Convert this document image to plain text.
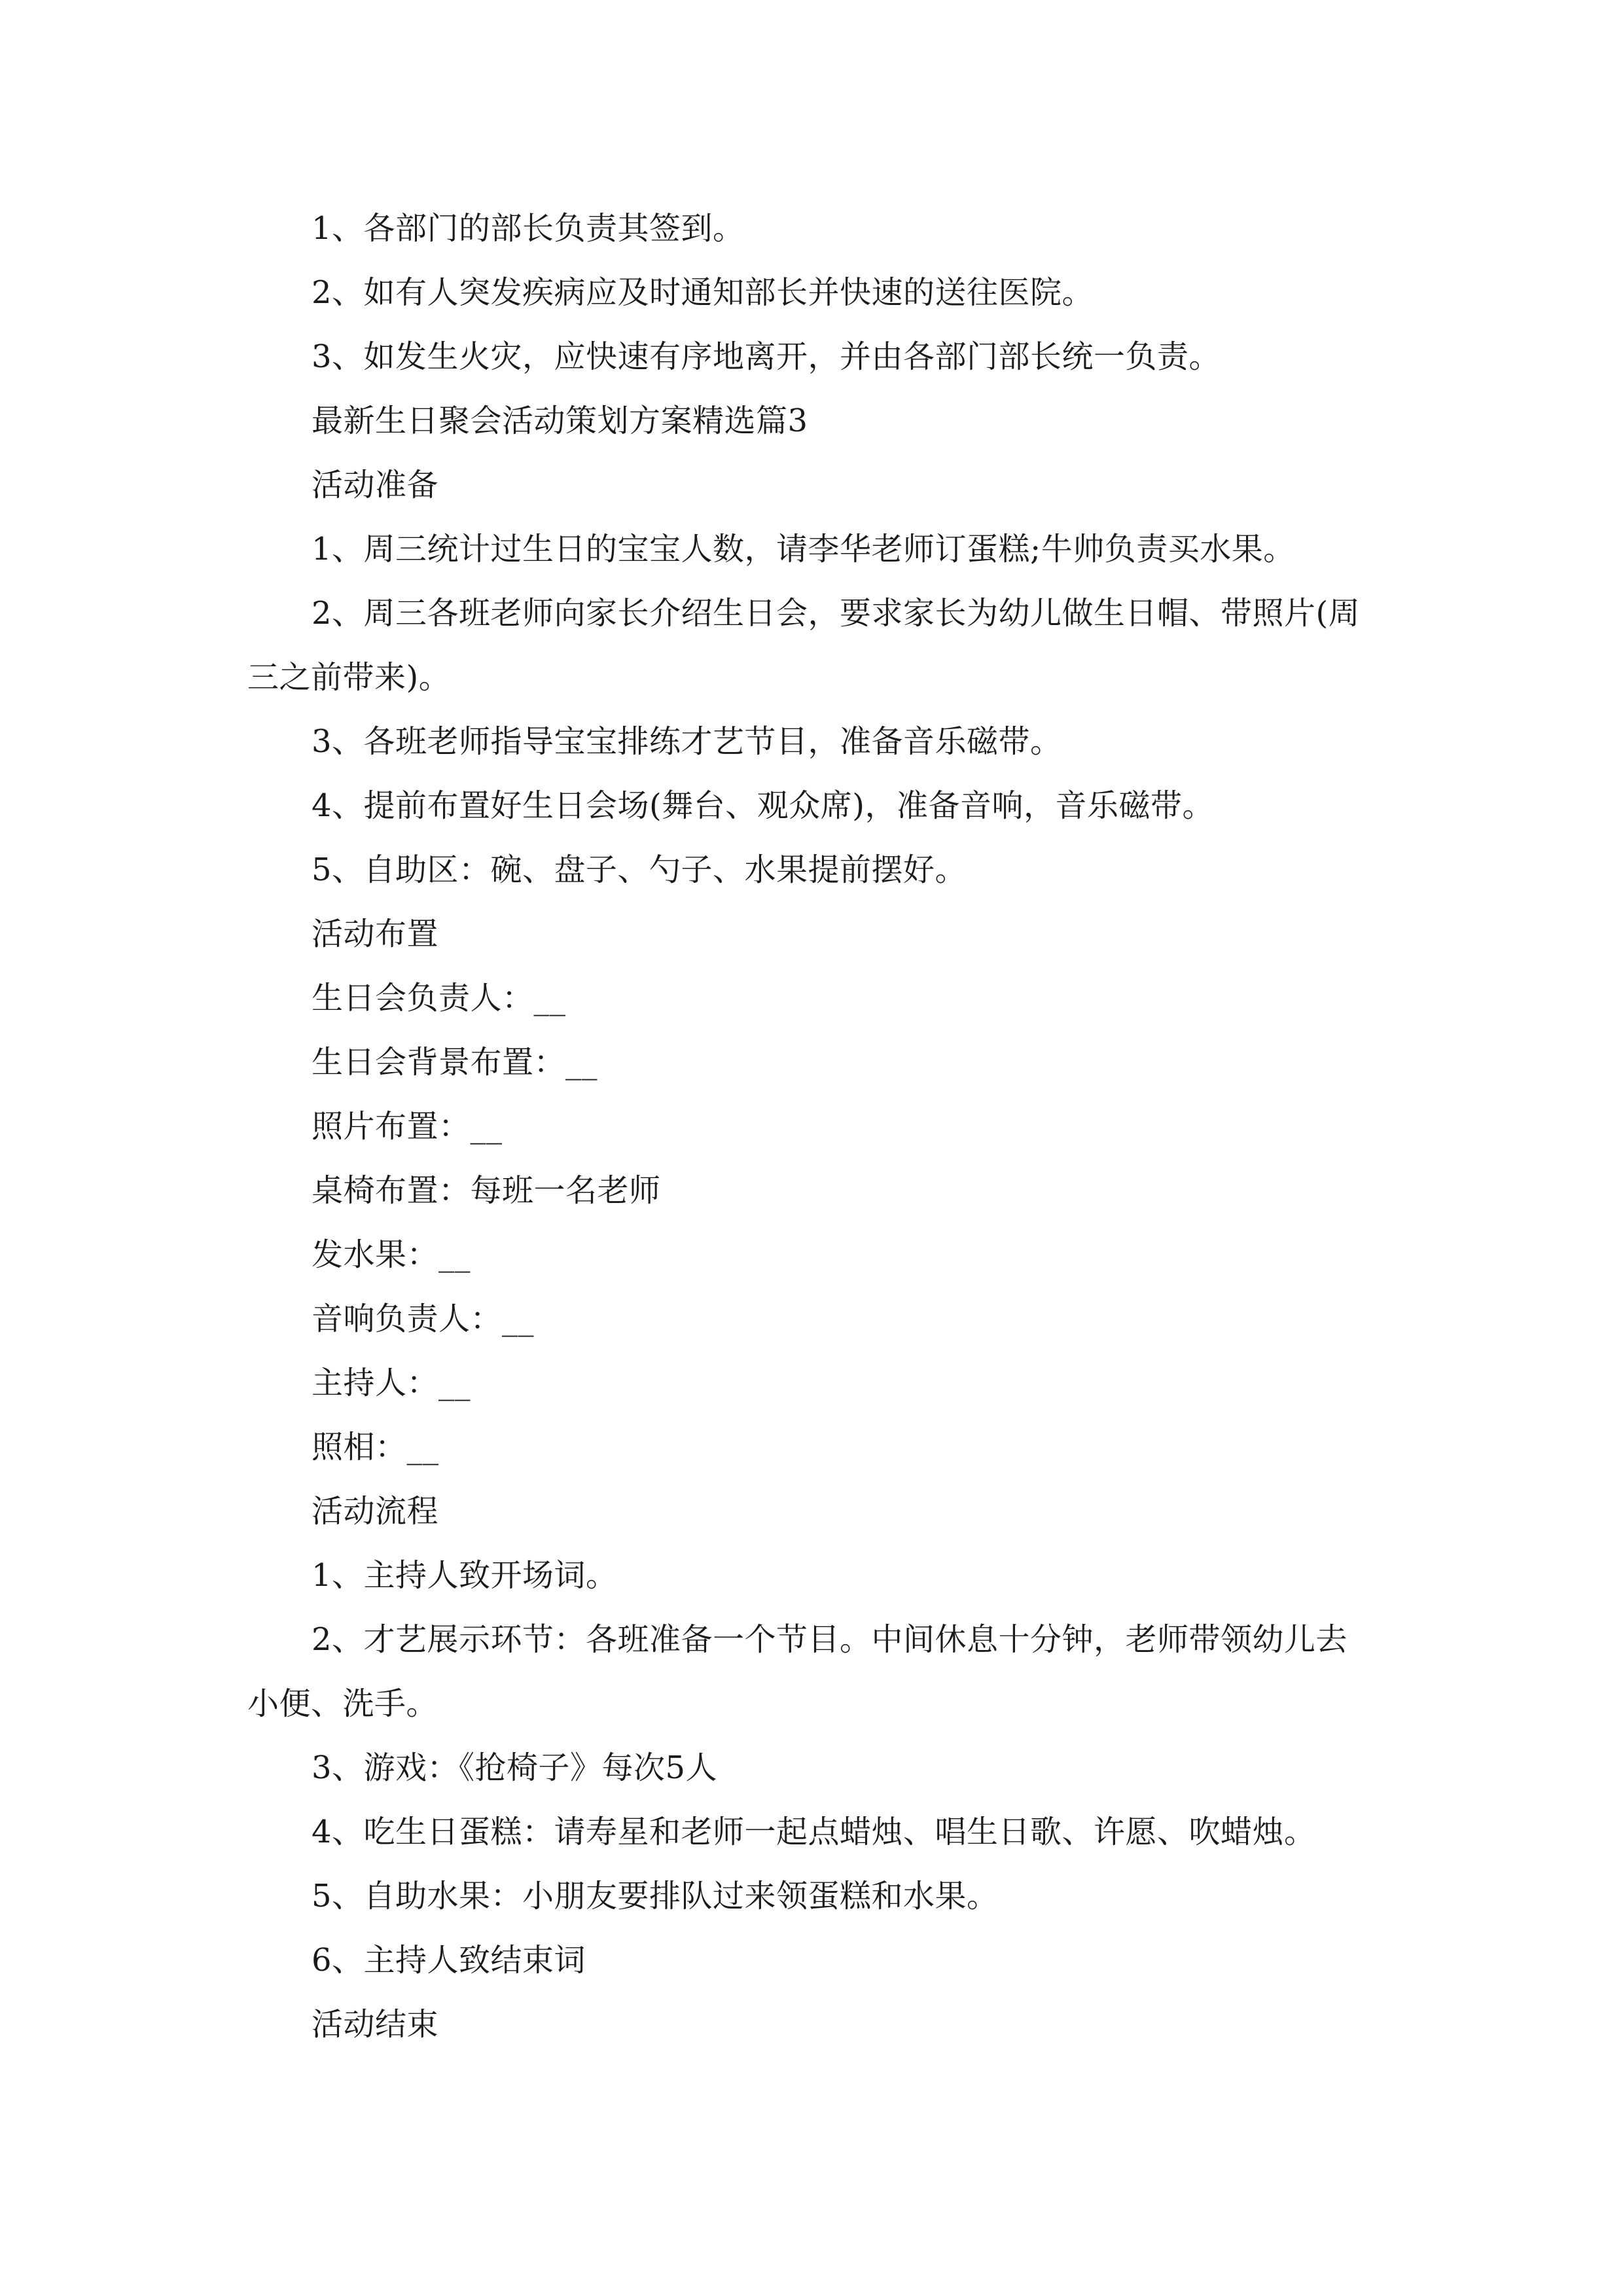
1、各部门的部长负责其签到。

2、如有人突发疾病应及时通知部长并快速的送往医院。

3、如发生火灾，应快速有序地离开，并由各部门部长统一负责。

最新生日聚会活动策划方案精选篇3

活动准备

1、周三统计过生日的宝宝人数，请李华老师订蛋糕;牛帅负责买水果。

2、周三各班老师向家长介绍生日会，要求家长为幼儿做生日帽、带照片(周三之前带来)。

3、各班老师指导宝宝排练才艺节目，准备音乐磁带。

4、提前布置好生日会场(舞台、观众席)，准备音响，音乐磁带。

5、自助区：碗、盘子、勺子、水果提前摆好。

活动布置

生日会负责人：__

生日会背景布置：__

照片布置：__

桌椅布置：每班一名老师

发水果：__

音响负责人：__

主持人：__

照相：__

活动流程

1、主持人致开场词。

2、才艺展示环节：各班准备一个节目。中间休息十分钟，老师带领幼儿去小便、洗手。

3、游戏：《抢椅子》每次5人

4、吃生日蛋糕：请寿星和老师一起点蜡烛、唱生日歌、许愿、吹蜡烛。

5、自助水果：小朋友要排队过来领蛋糕和水果。

6、主持人致结束词

活动结束
